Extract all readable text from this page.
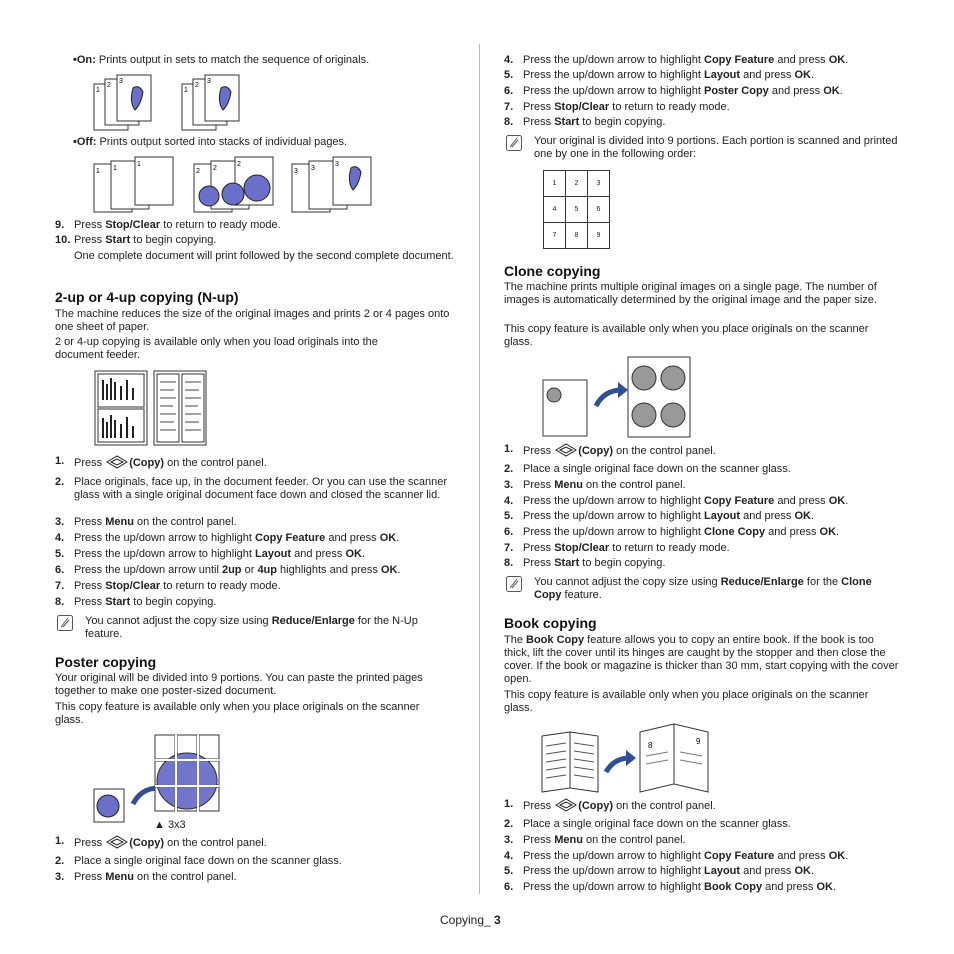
•On: Prints output in sets to match the sequence of originals.

1
2
3
1
2
3

•Off: Prints output sorted into stacks of individual pages.

1 1
1
2 2
2
3 3
3
9. Press Stop/Clear to return to ready mode.
10. Press Start to begin copying.

One complete document will print followed by the second complete document.

2-up or 4-up copying (N-up)

The machine reduces the size of the original images and prints 2 or 4 pages onto one sheet of paper.

2 or 4-up copying is available only when you load originals into the document feeder.

1. Press (Copy) on the control panel.
2. Place originals, face up, in the document feeder. Or you can use the scanner glass with a single original document face down and closed the scanner lid.
3. Press Menu on the control panel.
4. Press the up/down arrow to highlight Copy Feature and press OK.
5. Press the up/down arrow to highlight Layout and press OK.
6. Press the up/down arrow until 2up or 4up highlights and press OK.
7. Press Stop/Clear to return to ready mode.
8. Press Start to begin copying.
You cannot adjust the copy size using Reduce/Enlarge for the N-Up feature.
Poster copying

Your original will be divided into 9 portions. You can paste the printed pages together to make one poster-sized document.

This copy feature is available only when you place originals on the scanner glass.

▲ 3x3

1. Press (Copy) on the control panel.
2. Place a single original face down on the scanner glass.
3. Press Menu on the control panel.
4. Press the up/down arrow to highlight Copy Feature and press OK.
5. Press the up/down arrow to highlight Layout and press OK.
6. Press the up/down arrow to highlight Poster Copy and press OK.
7. Press Stop/Clear to return to ready mode.
8. Press Start to begin copying.
Your original is divided into 9 portions. Each portion is scanned and printed one by one in the following order:
1	2	3
4	5	6
7	8	9
Clone copying

The machine prints multiple original images on a single page. The number of images is automatically determined by the original image and the paper size.

This copy feature is available only when you place originals on the scanner glass.

1. Press (Copy) on the control panel.
2. Place a single original face down on the scanner glass.
3. Press Menu on the control panel.
4. Press the up/down arrow to highlight Copy Feature and press OK.
5. Press the up/down arrow to highlight Layout and press OK.
6. Press the up/down arrow to highlight Clone Copy and press OK.
7. Press Stop/Clear to return to ready mode.
8. Press Start to begin copying.
You cannot adjust the copy size using Reduce/Enlarge for the Clone Copy feature.
Book copying

The Book Copy feature allows you to copy an entire book. If the book is too thick, lift the cover until its hinges are caught by the stopper and then close the cover. If the book or magazine is thicker than 30 mm, start copying with the cover open.

This copy feature is available only when you place originals on the scanner glass.

8	9
1. Press (Copy) on the control panel.
2. Place a single original face down on the scanner glass.
3. Press Menu on the control panel.
4. Press the up/down arrow to highlight Copy Feature and press OK.
5. Press the up/down arrow to highlight Layout and press OK.
6. Press the up/down arrow to highlight Book Copy and press OK.
Copying_ 3
